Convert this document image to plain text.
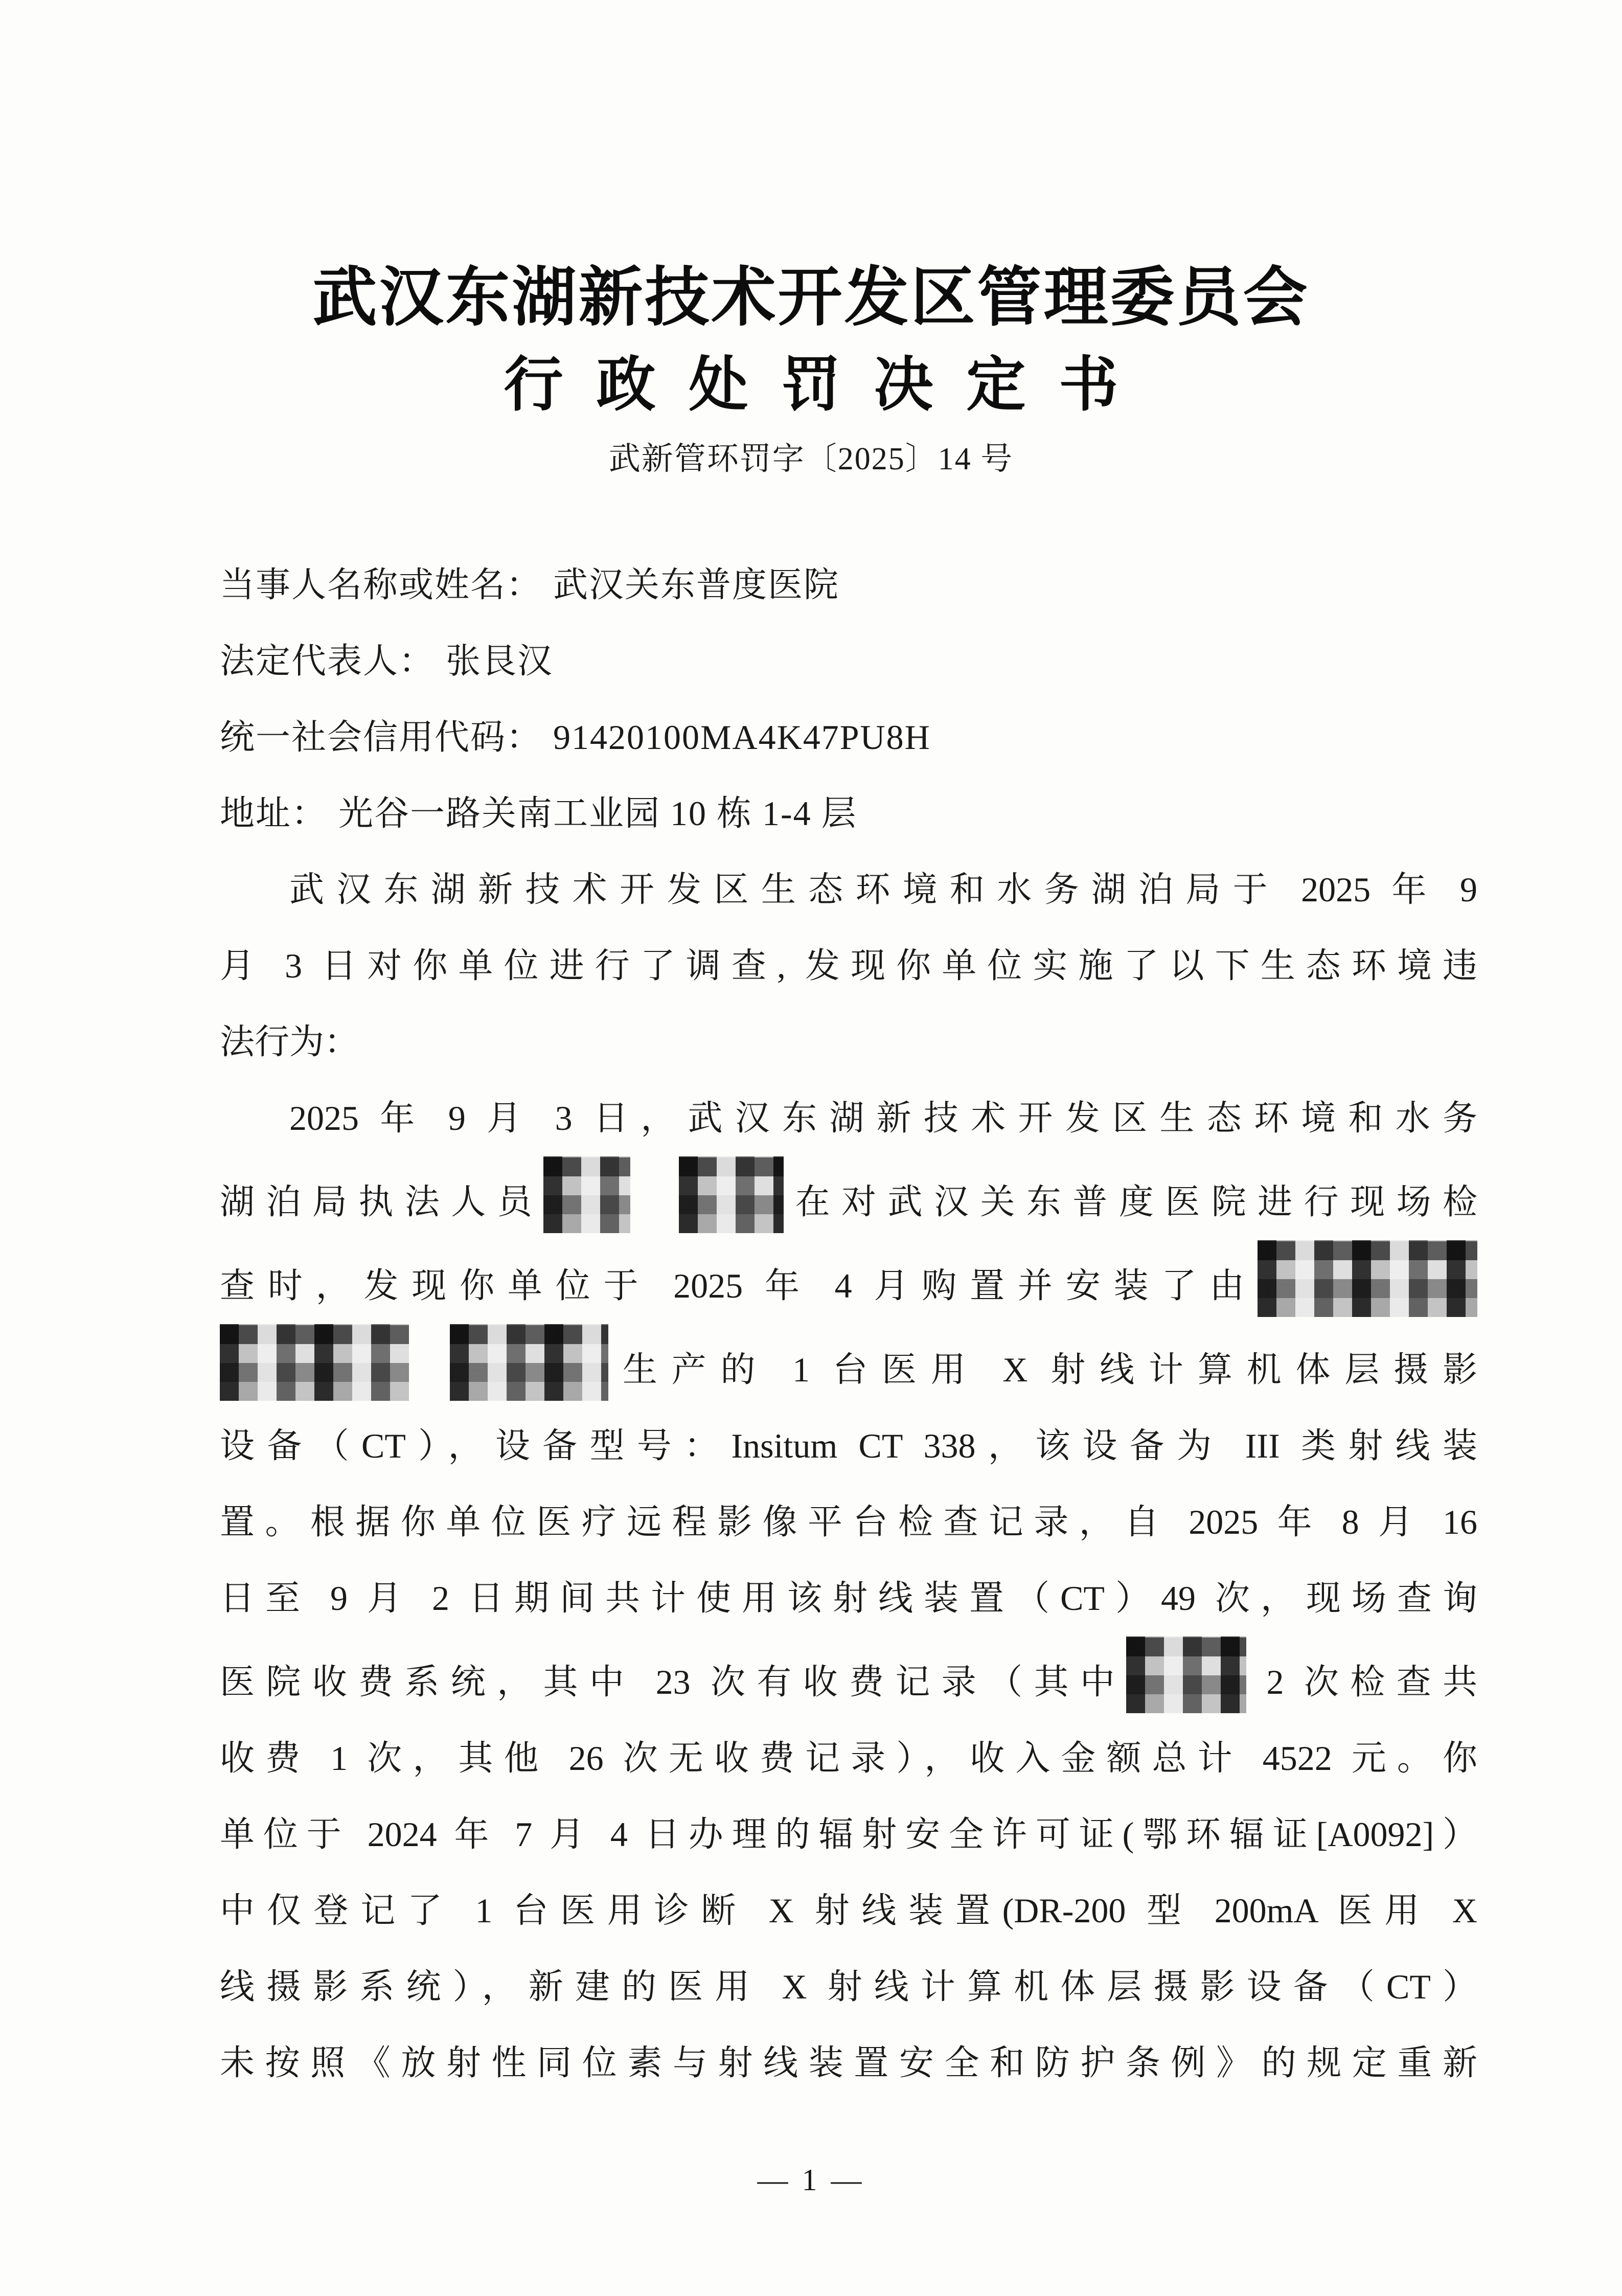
武汉东湖新技术开发区管理委员会
行政处罚决定书
武新管环罚字〔2025〕14 号
当事人名称或姓名： 武汉关东普度医院
法定代表人： 张艮汉
统一社会信用代码： 91420100MA4K47PU8H
地址： 光谷一路关南工业园 10 栋 1-4 层
武汉东湖新技术开发区生态环境和水务湖泊局于 2025 年 9
月 3 日对你单位进行了调查, 发现你单位实施了以下生态环境违
法行为：
2025 年 9 月 3 日，武汉东湖新技术开发区生态环境和水务
湖泊局执法人员	在对武汉关东普度医院进行现场检
查时，发现你单位于 2025 年 4 月购置并安装了由
生产的 1 台医用 X 射线计算机体层摄影
设备（CT），设备型号：Insitum CT 338，该设备为 III 类射线装
置。根据你单位医疗远程影像平台检查记录，自 2025 年 8 月 16
日至 9 月 2 日期间共计使用该射线装置（CT）49 次，现场查询
医院收费系统，其中 23 次有收费记录（其中	2 次检查共
收费 1 次，其他 26 次无收费记录），收入金额总计 4522 元。你
单位于 2024 年 7 月 4 日办理的辐射安全许可证(鄂环辐证[A0092]）
中仅登记了 1 台医用诊断 X 射线装置(DR-200 型 200mA 医用 X
线摄影系统），新建的医用 X 射线计算机体层摄影设备（CT）
未按照《放射性同位素与射线装置安全和防护条例》的规定重新
— 1 —
